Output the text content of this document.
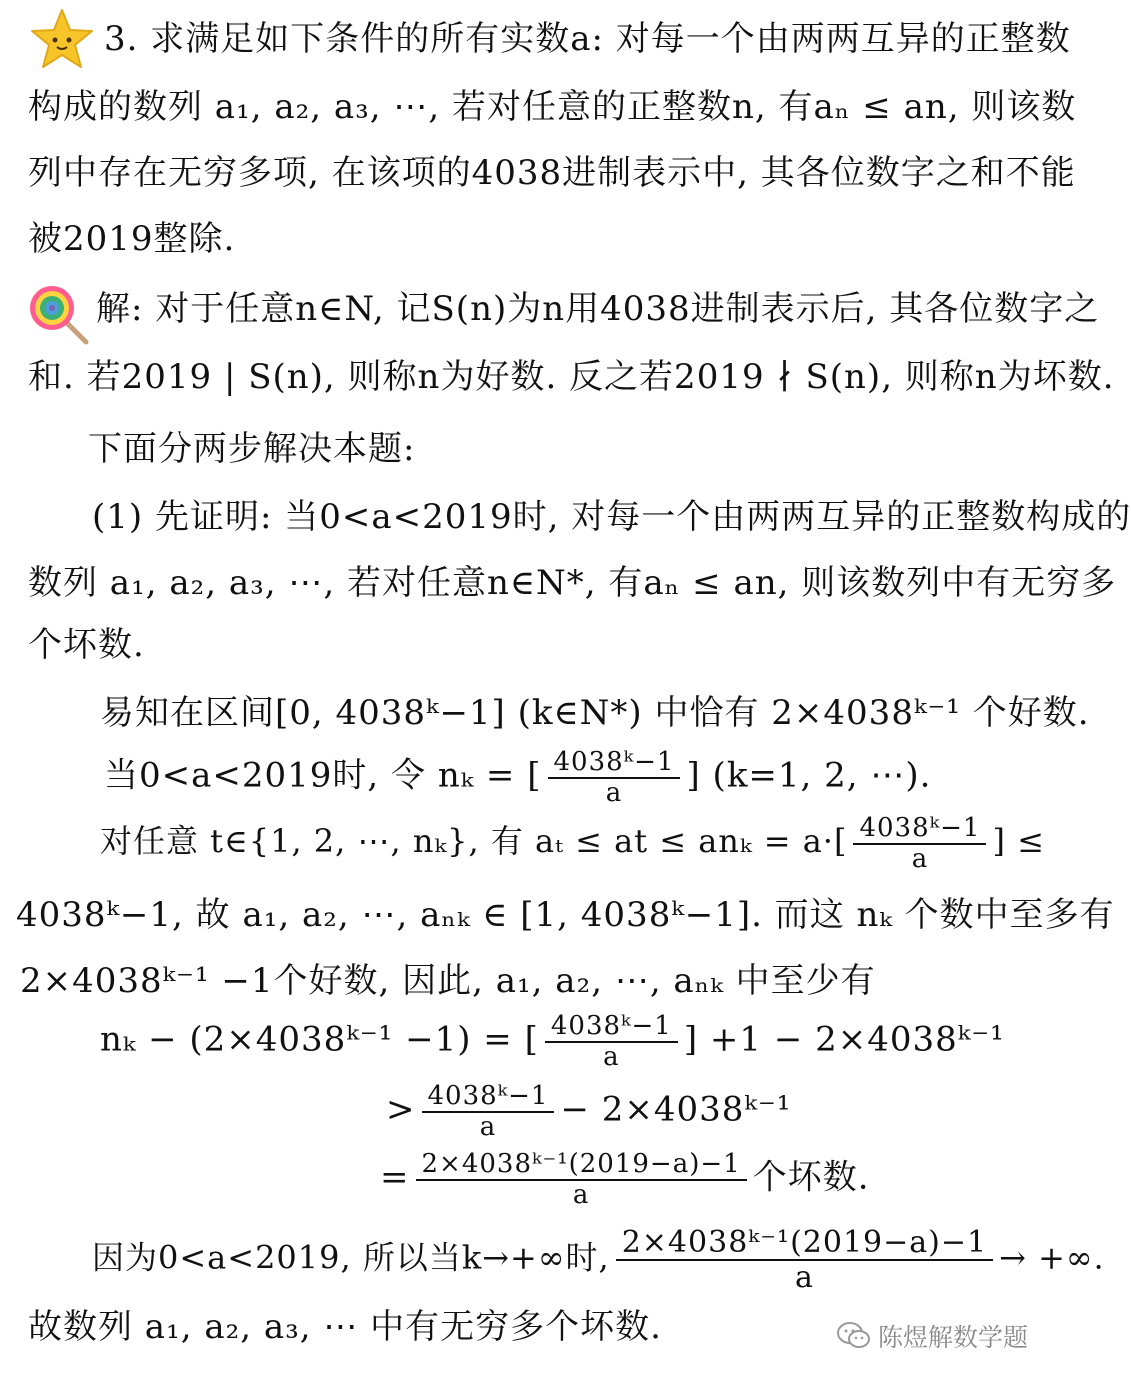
3. 求满足如下条件的所有实数a: 对每一个由两两互异的正整数
构成的数列 a₁, a₂, a₃, ⋯, 若对任意的正整数n, 有aₙ ≤ an, 则该数
列中存在无穷多项, 在该项的4038进制表示中, 其各位数字之和不能
被2019整除.
解: 对于任意n∈N, 记S(n)为n用4038进制表示后, 其各位数字之
和. 若2019 | S(n), 则称n为好数. 反之若2019 ∤ S(n), 则称n为坏数.
下面分两步解决本题:
(1) 先证明: 当0<a<2019时, 对每一个由两两互异的正整数构成的
数列 a₁, a₂, a₃, ⋯, 若对任意n∈N*, 有aₙ ≤ an, 则该数列中有无穷多
个坏数.
易知在区间[0, 4038ᵏ−1] (k∈N*) 中恰有 2×4038ᵏ⁻¹ 个好数.
当0<a<2019时, 令 nₖ = [ $\frac{\text{4038ᵏ−1}}{a}$ ] (k=1, 2, ⋯).
对任意 t∈{1, 2, ⋯, nₖ}, 有 aₜ ≤ at ≤ $an_k = a\cdot[ \frac{\text{4038ᵏ−1}}{a}$ ] ≤
4038ᵏ−1, 故 a₁, a₂, ⋯, aₙₖ ∈ [1, 4038ᵏ−1]. 而这 nₖ 个数中至多有
2×4038ᵏ⁻¹ −1个好数, 因此, a₁, a₂, ⋯, aₙₖ 中至少有
nₖ − (2×4038ᵏ⁻¹ −1) = [ $\frac{\text{4038ᵏ−1}}{a}$ ] +1 − 2×4038ᵏ⁻¹
> $\frac{\text{4038ᵏ−1}}{a}$ − 2×4038ᵏ⁻¹
= $\frac{\text{2×4038ᵏ⁻¹(2019−a)−1}}{a}$ 个坏数.
因为0<a<2019, 所以当k→+∞时, $\frac{\text{2×4038ᵏ⁻¹(2019−a)−1}}{a}$ → +∞.
故数列 a₁, a₂, a₃, ⋯ 中有无穷多个坏数.	陈煜解数学题
